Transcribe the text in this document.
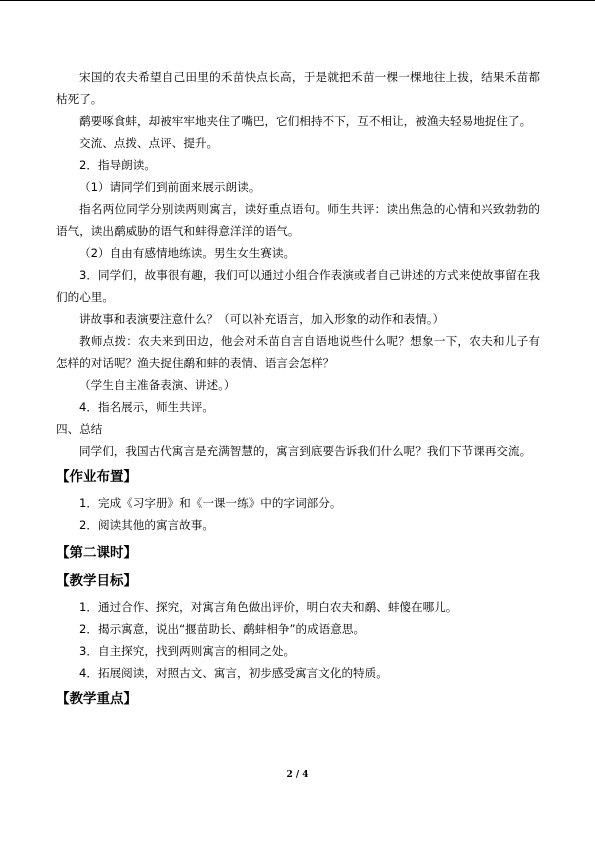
宋国的农夫希望自己田里的禾苗快点长高，于是就把禾苗一棵一棵地往上拔，结果禾苗都枯死了。

鹬要啄食蚌，却被牢牢地夹住了嘴巴，它们相持不下，互不相让，被渔夫轻易地捉住了。

交流、点拨、点评、提升。

2．指导朗读。

（1）请同学们到前面来展示朗读。

指名两位同学分别读两则寓言，读好重点语句。师生共评：读出焦急的心情和兴致勃勃的语气，读出鹬威胁的语气和蚌得意洋洋的语气。

（2）自由有感情地练读。男生女生赛读。

3．同学们，故事很有趣，我们可以通过小组合作表演或者自己讲述的方式来使故事留在我们的心里。

讲故事和表演要注意什么？（可以补充语言，加入形象的动作和表情。）

教师点拨：农夫来到田边，他会对禾苗自言自语地说些什么呢？想象一下，农夫和儿子有怎样的对话呢？渔夫捉住鹬和蚌的表情、语言会怎样？

（学生自主准备表演、讲述。）

4．指名展示，师生共评。

四、总结

同学们，我国古代寓言是充满智慧的，寓言到底要告诉我们什么呢？我们下节课再交流。

【作业布置】

1．完成《习字册》和《一课一练》中的字词部分。

2．阅读其他的寓言故事。

【第二课时】
【教学目标】

1．通过合作、探究，对寓言角色做出评价，明白农夫和鹬、蚌傻在哪儿。

2．揭示寓意，说出“揠苗助长、鹬蚌相争”的成语意思。

3．自主探究，找到两则寓言的相同之处。

4．拓展阅读，对照古文、寓言，初步感受寓言文化的特质。

【教学重点】
2 / 4
